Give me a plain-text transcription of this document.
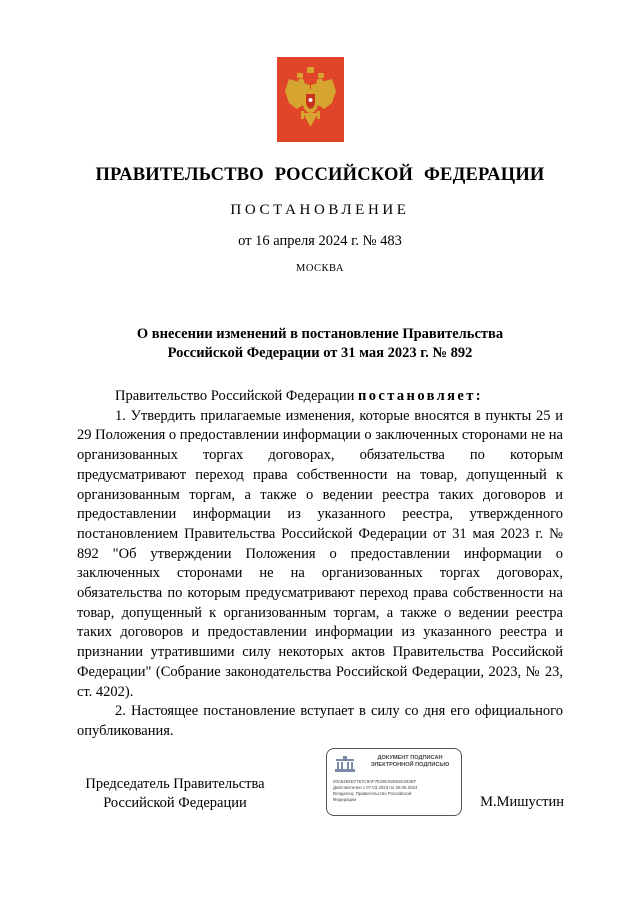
ПРАВИТЕЛЬСТВО РОССИЙСКОЙ ФЕДЕРАЦИИ
ПОСТАНОВЛЕНИЕ
от 16 апреля 2024 г. № 483
МОСКВА
О внесении изменений в постановление Правительства
Российской Федерации от 31 мая 2023 г. № 892

Правительство Российской Федерации постановляет:

1. Утвердить прилагаемые изменения, которые вносятся в пункты 25 и 29 Положения о предоставлении информации о заключенных сторонами не на организованных торгах договорах, обязательства по которым предусматривают переход права собственности на товар, допущенный к организованным торгам, а также о ведении реестра таких договоров и предоставлении информации из указанного реестра, утвержденного постановлением Правительства Российской Федерации от 31 мая 2023 г. № 892 "Об утверждении Положения о предоставлении информации о заключенных сторонами не на организованных торгах договорах, обязательства по которым предусматривают переход права собственности на товар, допущенный к организованным торгам, а также о ведении реестра таких договоров и предоставлении информации из указанного реестра и признании утратившими силу некоторых актов Правительства Российской Федерации" (Собрание законодательства Российской Федерации, 2023, № 23, ст. 4202).

2. Настоящее постановление вступает в силу со дня его официального опубликования.

Председатель Правительства
Российской Федерации
ДОКУМЕНТ ПОДПИСАН
ЭЛЕКТРОННОЙ ПОДПИСЬЮ
00A5493D7767C9AF7E29C82091E403EF
Действителен с 07.03.2023 по 30.05.2024
Владелец: Правительство Российской
Федерации	М.Мишустин
